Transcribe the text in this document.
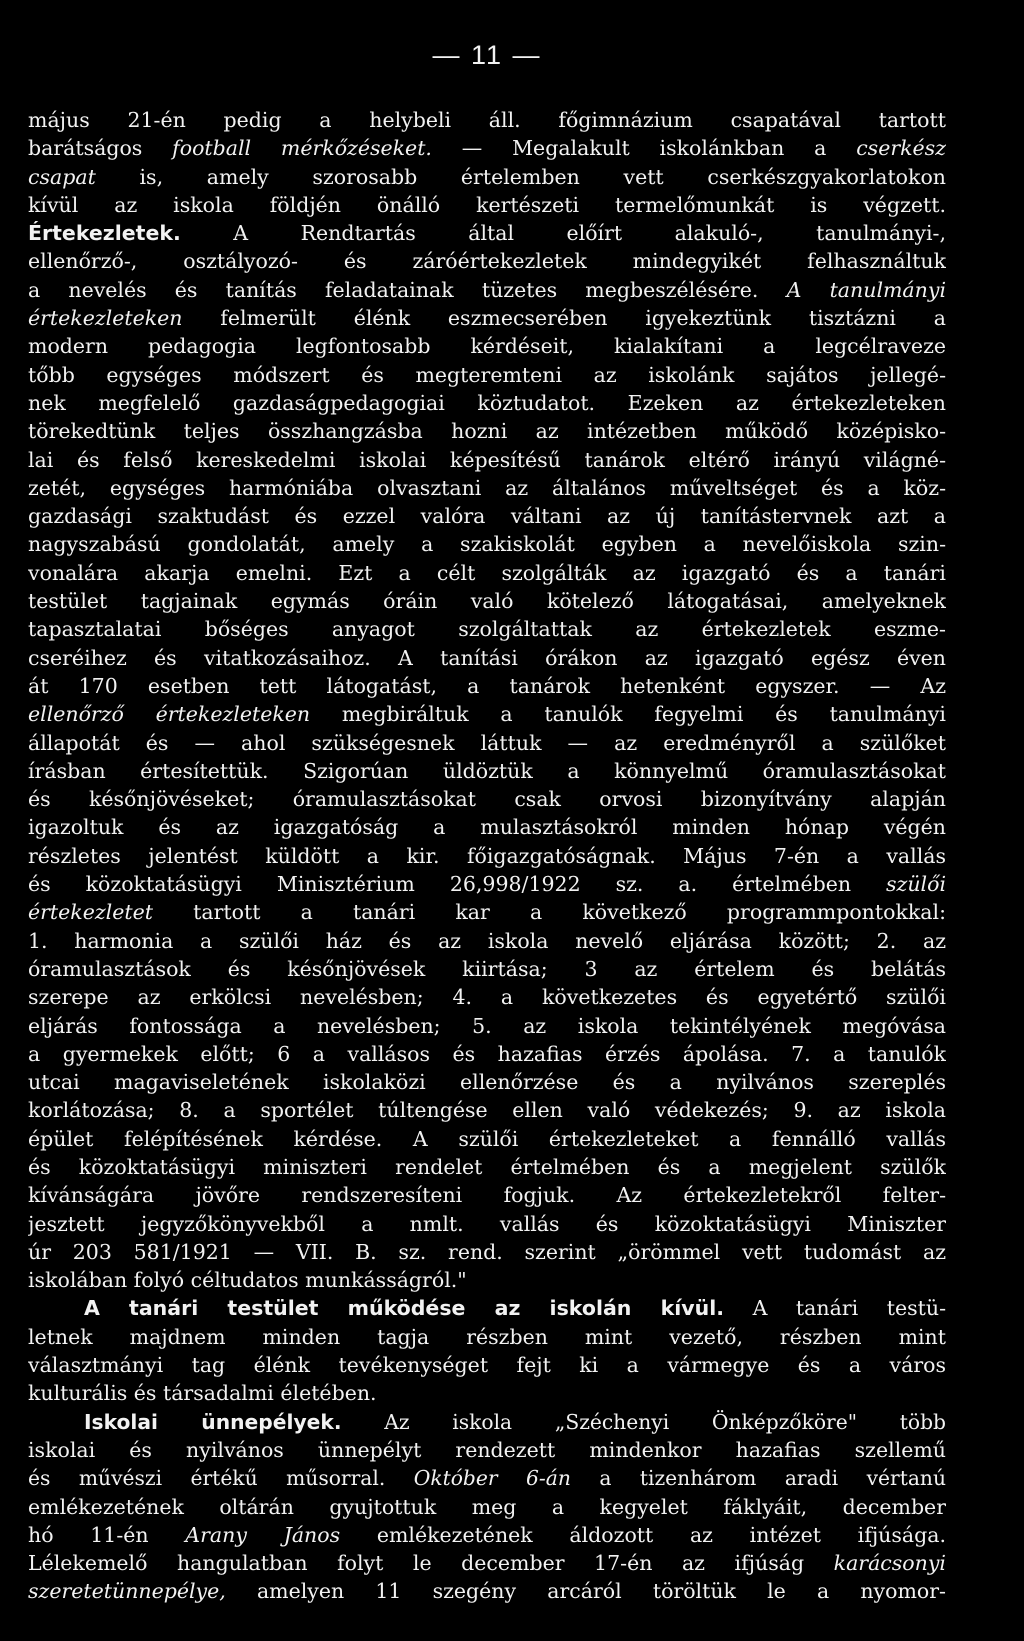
— 11 —
május 21-én pedig a helybeli áll. főgimnázium csapatával tartott
barátságos football mérkőzéseket. — Megalakult iskolánkban a cserkész
csapat is, amely szorosabb értelemben vett cserkészgyakorlatokon
kívül az iskola földjén önálló kertészeti termelőmunkát is végzett.
Értekezletek. A Rendtartás által előírt alakuló-, tanulmányi-,
ellenőrző-, osztályozó- és záróértekezletek mindegyikét felhasználtuk
a nevelés és tanítás feladatainak tüzetes megbeszélésére. A tanulmányi
értekezleteken felmerült élénk eszmecserében igyekeztünk tisztázni a
modern pedagogia legfontosabb kérdéseit, kialakítani a legcélraveze
tőbb egységes módszert és megteremteni az iskolánk sajátos jellegé-
nek megfelelő gazdaságpedagogiai köztudatot. Ezeken az értekezleteken
törekedtünk teljes összhangzásba hozni az intézetben működő középisko-
lai és felső kereskedelmi iskolai képesítésű tanárok eltérő irányú világné-
zetét, egységes harmóniába olvasztani az általános műveltséget és a köz-
gazdasági szaktudást és ezzel valóra váltani az új tanítástervnek azt a
nagyszabású gondolatát, amely a szakiskolát egyben a nevelőiskola szin-
vonalára akarja emelni. Ezt a célt szolgálták az igazgató és a tanári
testület tagjainak egymás óráin való kötelező látogatásai, amelyeknek
tapasztalatai bőséges anyagot szolgáltattak az értekezletek eszme-
cseréihez és vitatkozásaihoz. A tanítási órákon az igazgató egész éven
át 170 esetben tett látogatást, a tanárok hetenként egyszer. — Az
ellenőrző értekezleteken megbiráltuk a tanulók fegyelmi és tanulmányi
állapotát és — ahol szükségesnek láttuk — az eredményről a szülőket
írásban értesítettük. Szigorúan üldöztük a könnyelmű óramulasztásokat
és későnjövéseket; óramulasztásokat csak orvosi bizonyítvány alapján
igazoltuk és az igazgatóság a mulasztásokról minden hónap végén
részletes jelentést küldött a kir. főigazgatóságnak. Május 7-én a vallás
és közoktatásügyi Minisztérium 26,998/1922 sz. a. értelmében szülői
értekezletet tartott a tanári kar a következő programmpontokkal:
1. harmonia a szülői ház és az iskola nevelő eljárása között; 2. az
óramulasztások és későnjövések kiirtása; 3 az értelem és belátás
szerepe az erkölcsi nevelésben; 4. a következetes és egyetértő szülői
eljárás fontossága a nevelésben; 5. az iskola tekintélyének megóvása
a gyermekek előtt; 6 a vallásos és hazafias érzés ápolása. 7. a tanulók
utcai magaviseletének iskolaközi ellenőrzése és a nyilvános szereplés
korlátozása; 8. a sportélet túltengése ellen való védekezés; 9. az iskola
épület felépítésének kérdése. A szülői értekezleteket a fennálló vallás
és közoktatásügyi miniszteri rendelet értelmében és a megjelent szülők
kívánságára jövőre rendszeresíteni fogjuk. Az értekezletekről felter-
jesztett jegyzőkönyvekből a nmlt. vallás és közoktatásügyi Miniszter
úr 203 581/1921 — VII. B. sz. rend. szerint „örömmel vett tudomást az
iskolában folyó céltudatos munkásságról."
A tanári testület működése az iskolán kívül. A tanári testü-
letnek majdnem minden tagja részben mint vezető, részben mint
választmányi tag élénk tevékenységet fejt ki a vármegye és a város
kulturális és társadalmi életében.
Iskolai ünnepélyek. Az iskola „Széchenyi Önképzőköre" több
iskolai és nyilvános ünnepélyt rendezett mindenkor hazafias szellemű
és művészi értékű műsorral. Október 6-án a tizenhárom aradi vértanú
emlékezetének oltárán gyujtottuk meg a kegyelet fáklyáit, december
hó 11-én Arany János emlékezetének áldozott az intézet ifjúsága.
Lélekemelő hangulatban folyt le december 17-én az ifjúság karácsonyi
szeretetünnepélye, amelyen 11 szegény arcáról töröltük le a nyomor-
